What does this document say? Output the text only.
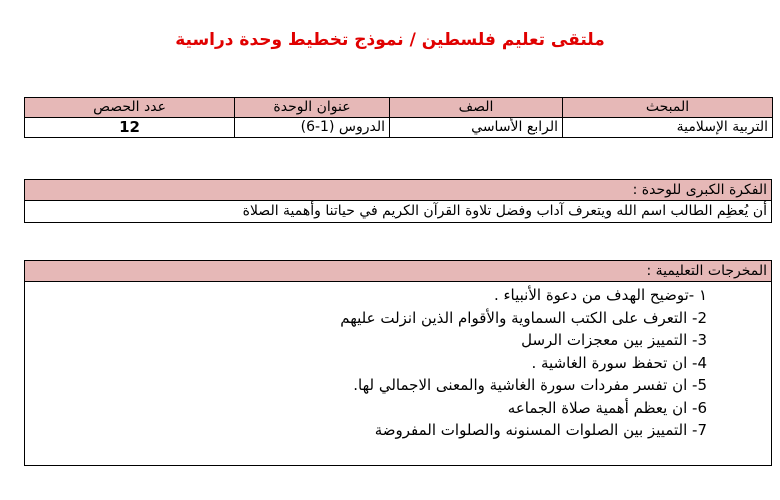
ملتقى تعليم فلسطين / نموذج تخطيط وحدة دراسية
المبحث	الصف	عنوان الوحدة	عدد الحصص
التربية الإسلامية	الرابع الأساسي	الدروس (1-6)	12
الفكرة الكبرى للوحدة :
أن يُعظِم الطالب اسم الله ويتعرف آداب وفضل تلاوة القرآن الكريم في حياتنا وأهمية الصلاة
المخرجات التعليمية :
١ -توضيح الهدف من دعوة الأنبياء .
2- التعرف على الكتب السماوية والأقوام الذين انزلت عليهم
3- التمييز بين معجزات الرسل
4- ان تحفظ سورة الغاشية .
5- ان تفسر مفردات سورة الغاشية والمعنى الاجمالي لها.
6- ان يعظم أهمية صلاة الجماعه
7- التمييز بين الصلوات المسنونه والصلوات المفروضة
